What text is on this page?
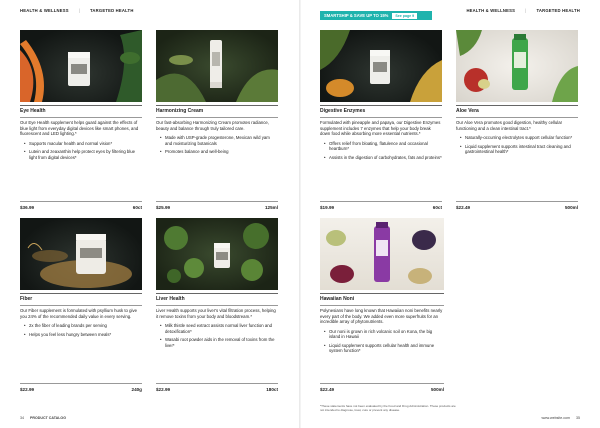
HEALTH & WELLNESS | TARGETED HEALTH	HEALTH & WELLNESS | TARGETED HEALTH
SMARTSHIP & SAVE UP TO 15%	See page 9
Eye Health
Our Eye Health supplement helps guard against the effects of blue light from everyday digital devices like smart phones, and fluorescent and LED lighting.*
• Supports macular health and normal vision*
• Lutein and zeaxanthin help protect eyes by filtering blue light from digital devices*
$36.99	60ct
Harmonizing Cream
Our fast-absorbing Harmonizing Cream promotes radiance, beauty and balance through truly tailored care.
• Made with USP-grade progesterone, Mexican wild yam and moisturizing botanicals
• Promotes balance and well-being
$25.99	125ml
Fiber
Our Fiber supplement is formulated with psyllium husk to give you 24% of the recommended daily value in every serving.
• 2x the fiber of leading brands per serving
• Helps you feel less hungry between meals*
$22.99	240g
Liver Health
Liver Health supports your liver's vital filtration process, helping it remove toxins from your body and bloodstream.*
• Milk thistle seed extract assists normal liver function and detoxification*
• Wasabi root powder aids in the removal of toxins from the liver*
$22.99	180ct
Digestive Enzymes
Formulated with pineapple and papaya, our Digestive Enzymes supplement includes 7 enzymes that help your body break down food while absorbing more essential nutrients.*
• Offers relief from bloating, flatulence and occasional heartburn*
• Assists in the digestion of carbohydrates, fats and proteins*
$19.99	60ct
Aloe Vera
Our Aloe Vera promotes good digestion, healthy cellular functioning and a clean intestinal tract.*
• Naturally-occurring electrolytes support cellular function*
• Liquid supplement supports intestinal tract cleaning and gastrointestinal health*
$22.49	500ml
Hawaiian Noni
Polynesians have long known that Hawaiian noni benefits nearly every part of the body. We added even more superfruits for an incredible array of phytonutrients.
• Our noni is grown in rich volcanic soil on Kona, the big island in Hawaii
• Liquid supplement supports cellular health and immune system function*
$22.49	500ml
*These statements have not been evaluated by the Food and Drug Administration. These products are not intended to diagnose, treat, cure or prevent any disease.
34 PRODUCT CATALOG	www.website.com 35
